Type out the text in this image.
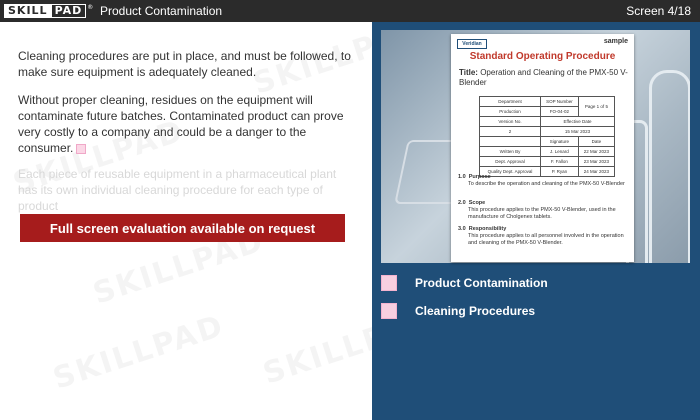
SKILL PAD ® Product Contamination	Screen 4/18

Cleaning procedures are put in place, and must be followed, to make sure equipment is adequately cleaned.

Without proper cleaning, residues on the equipment will contaminate future batches. Contaminated product can prove very costly to a company and could be a danger to the consumer.

Each piece of reusable equipment in a pharmaceutical plant has its own individual cleaning procedure for each type of product

Full screen evaluation available on request
Veridian	sample
Standard Operating Procedure
Title: Operation and Cleaning of the PMX-50 V-Blender
Department	SOP Number	Page 1 of 5
Production	FO-04-02	
Version No.	Effective Date	
2	15 Mar 2023	
	Signature	Date
Written By	J. Lenard	22 Mar 2023
Dept. Approval	F. Fallon	23 Mar 2023
Quality Dept. Approval	P. Ryan	24 Mar 2023
1.0 Purpose
To describe the operation and cleaning of the PMX-50 V-Blender
2.0 Scope
This procedure applies to the PMX-50 V-Blender, used in the manufacture of Cholgenex tablets.
3.0 Responsibility
This procedure applies to all personnel involved in the operation and cleaning of the PMX-50 V-Blender.
Product Contamination
Cleaning Procedures
